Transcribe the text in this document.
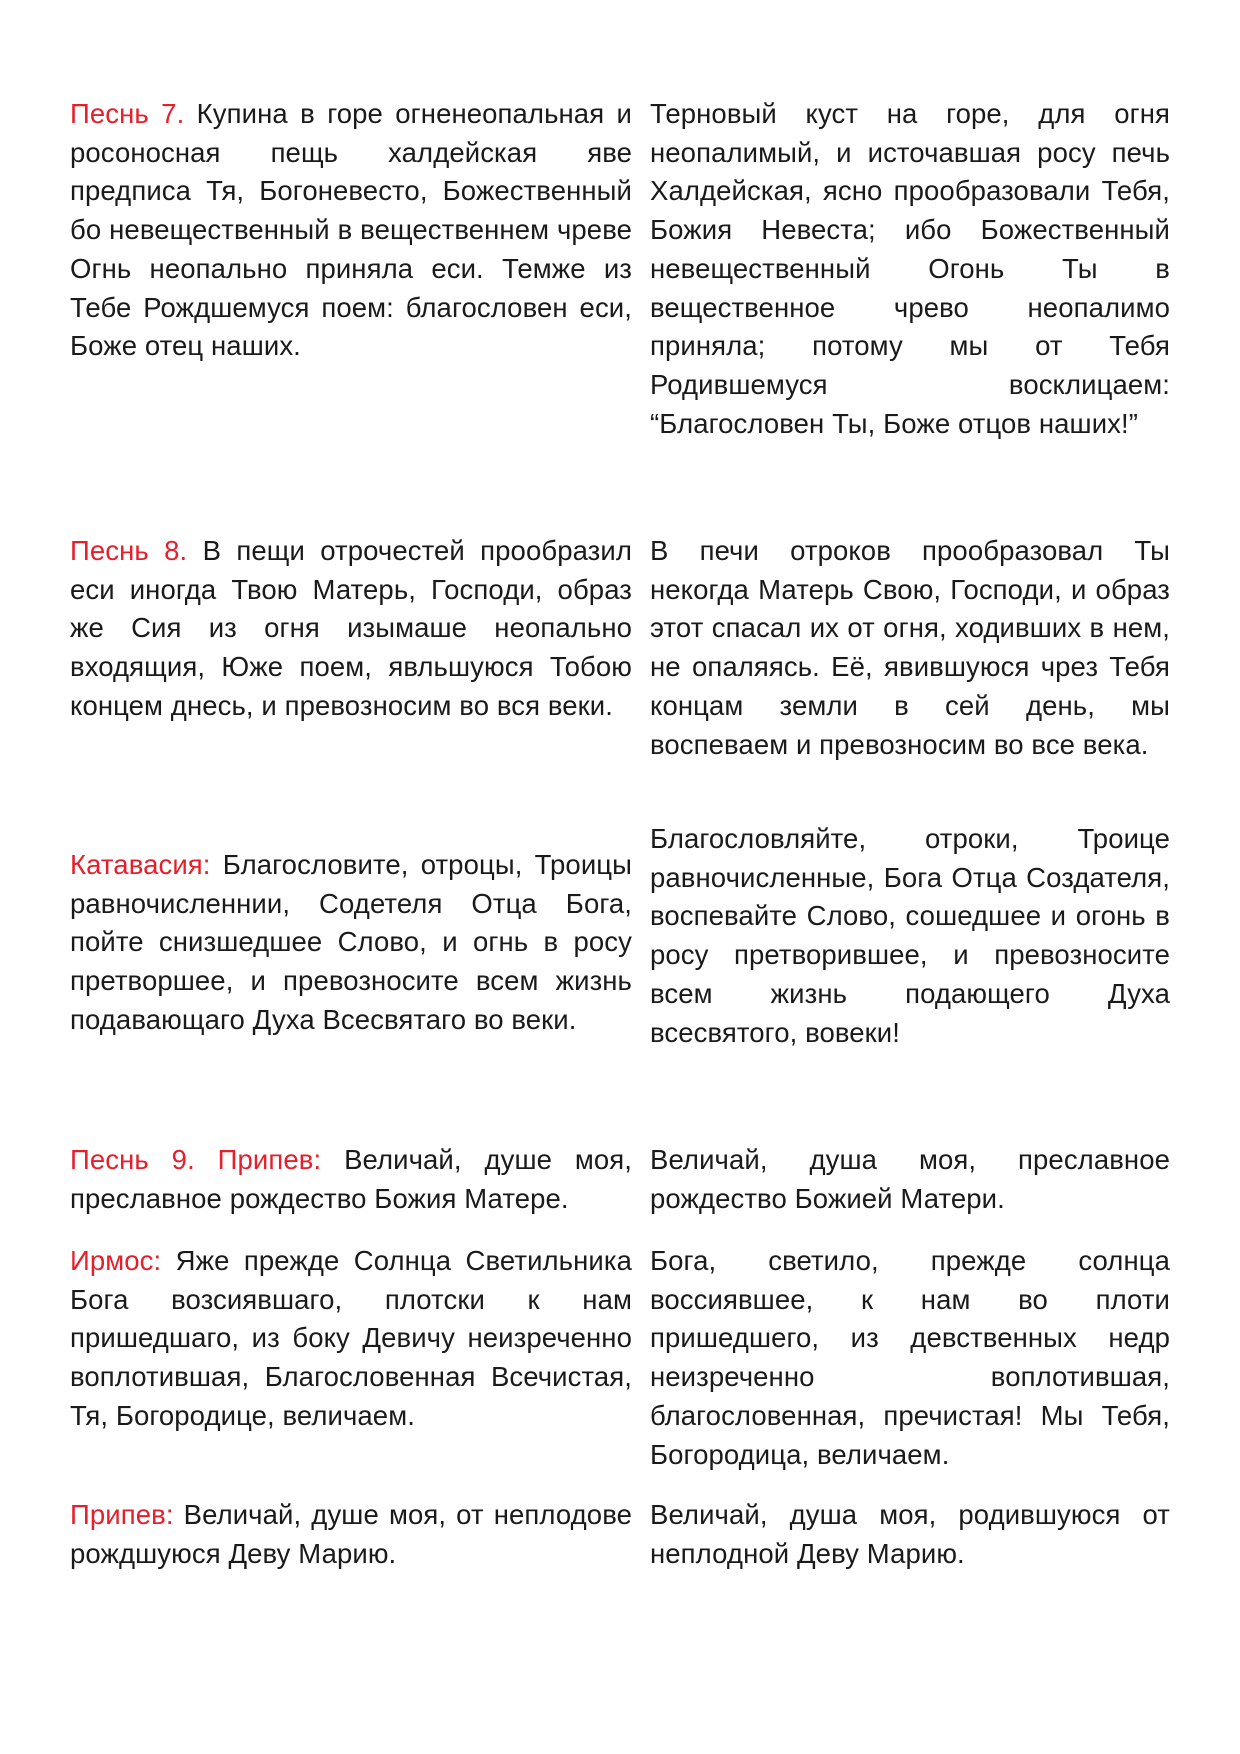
Песнь 7. Купина в горе огненеопальная и росоносная пещь халдейская яве предписа Тя, Богоневесто, Божественный бо невещественный в вещественнем чреве Огнь неопально приняла еси. Темже из Тебе Рождшемуся поем: благословен еси, Боже отец наших.
Терновый куст на горе, для огня неопалимый, и источавшая росу печь Халдейская, ясно прообразовали Тебя, Божия Невеста; ибо Божественный невещественный Огонь Ты в вещественное чрево неопалимо приняла; потому мы от Тебя Родившемуся восклицаем: “Благословен Ты, Боже отцов наших!”
Песнь 8. В пещи отрочестей прообразил еси иногда Твою Матерь, Господи, образ же Сия из огня изымаше неопально входящия, Юже поем, явльшуюся Тобою концем днесь, и превозносим во вся веки.
В печи отроков прообразовал Ты некогда Матерь Свою, Господи, и образ этот спасал их от огня, ходивших в нем, не опаляясь. Её, явившуюся чрез Тебя концам земли в сей день, мы воспеваем и превозносим во все века.
Катавасия: Благословите, отроцы, Троицы равночисленнии, Содетеля Отца Бога, пойте снизшедшее Слово, и огнь в росу претворшее, и превозносите всем жизнь подавающаго Духа Всесвятаго во веки.
Благословляйте, отроки, Троице равночисленные, Бога Отца Создателя, воспевайте Слово, сошедшее и огонь в росу претворившее, и превозносите всем жизнь подающего Духа всесвятого, вовеки!
Песнь 9. Припев: Величай, душе моя, преславное рождество Божия Матере.
Величай, душа моя, преславное рождество Божией Матери.
Ирмос: Яже прежде Солнца Светильника Бога возсиявшаго, плотски к нам пришедшаго, из боку Девичу неизреченно воплотившая, Благословенная Всечистая, Тя, Богородице, величаем.
Бога, светило, прежде солнца воссиявшее, к нам во плоти пришедшего, из девственных недр неизреченно воплотившая, благословенная, пречистая! Мы Тебя, Богородица, величаем.
Припев: Величай, душе моя, от неплодове рождшуюся Деву Марию.
Величай, душа моя, родившуюся от неплодной Деву Марию.
